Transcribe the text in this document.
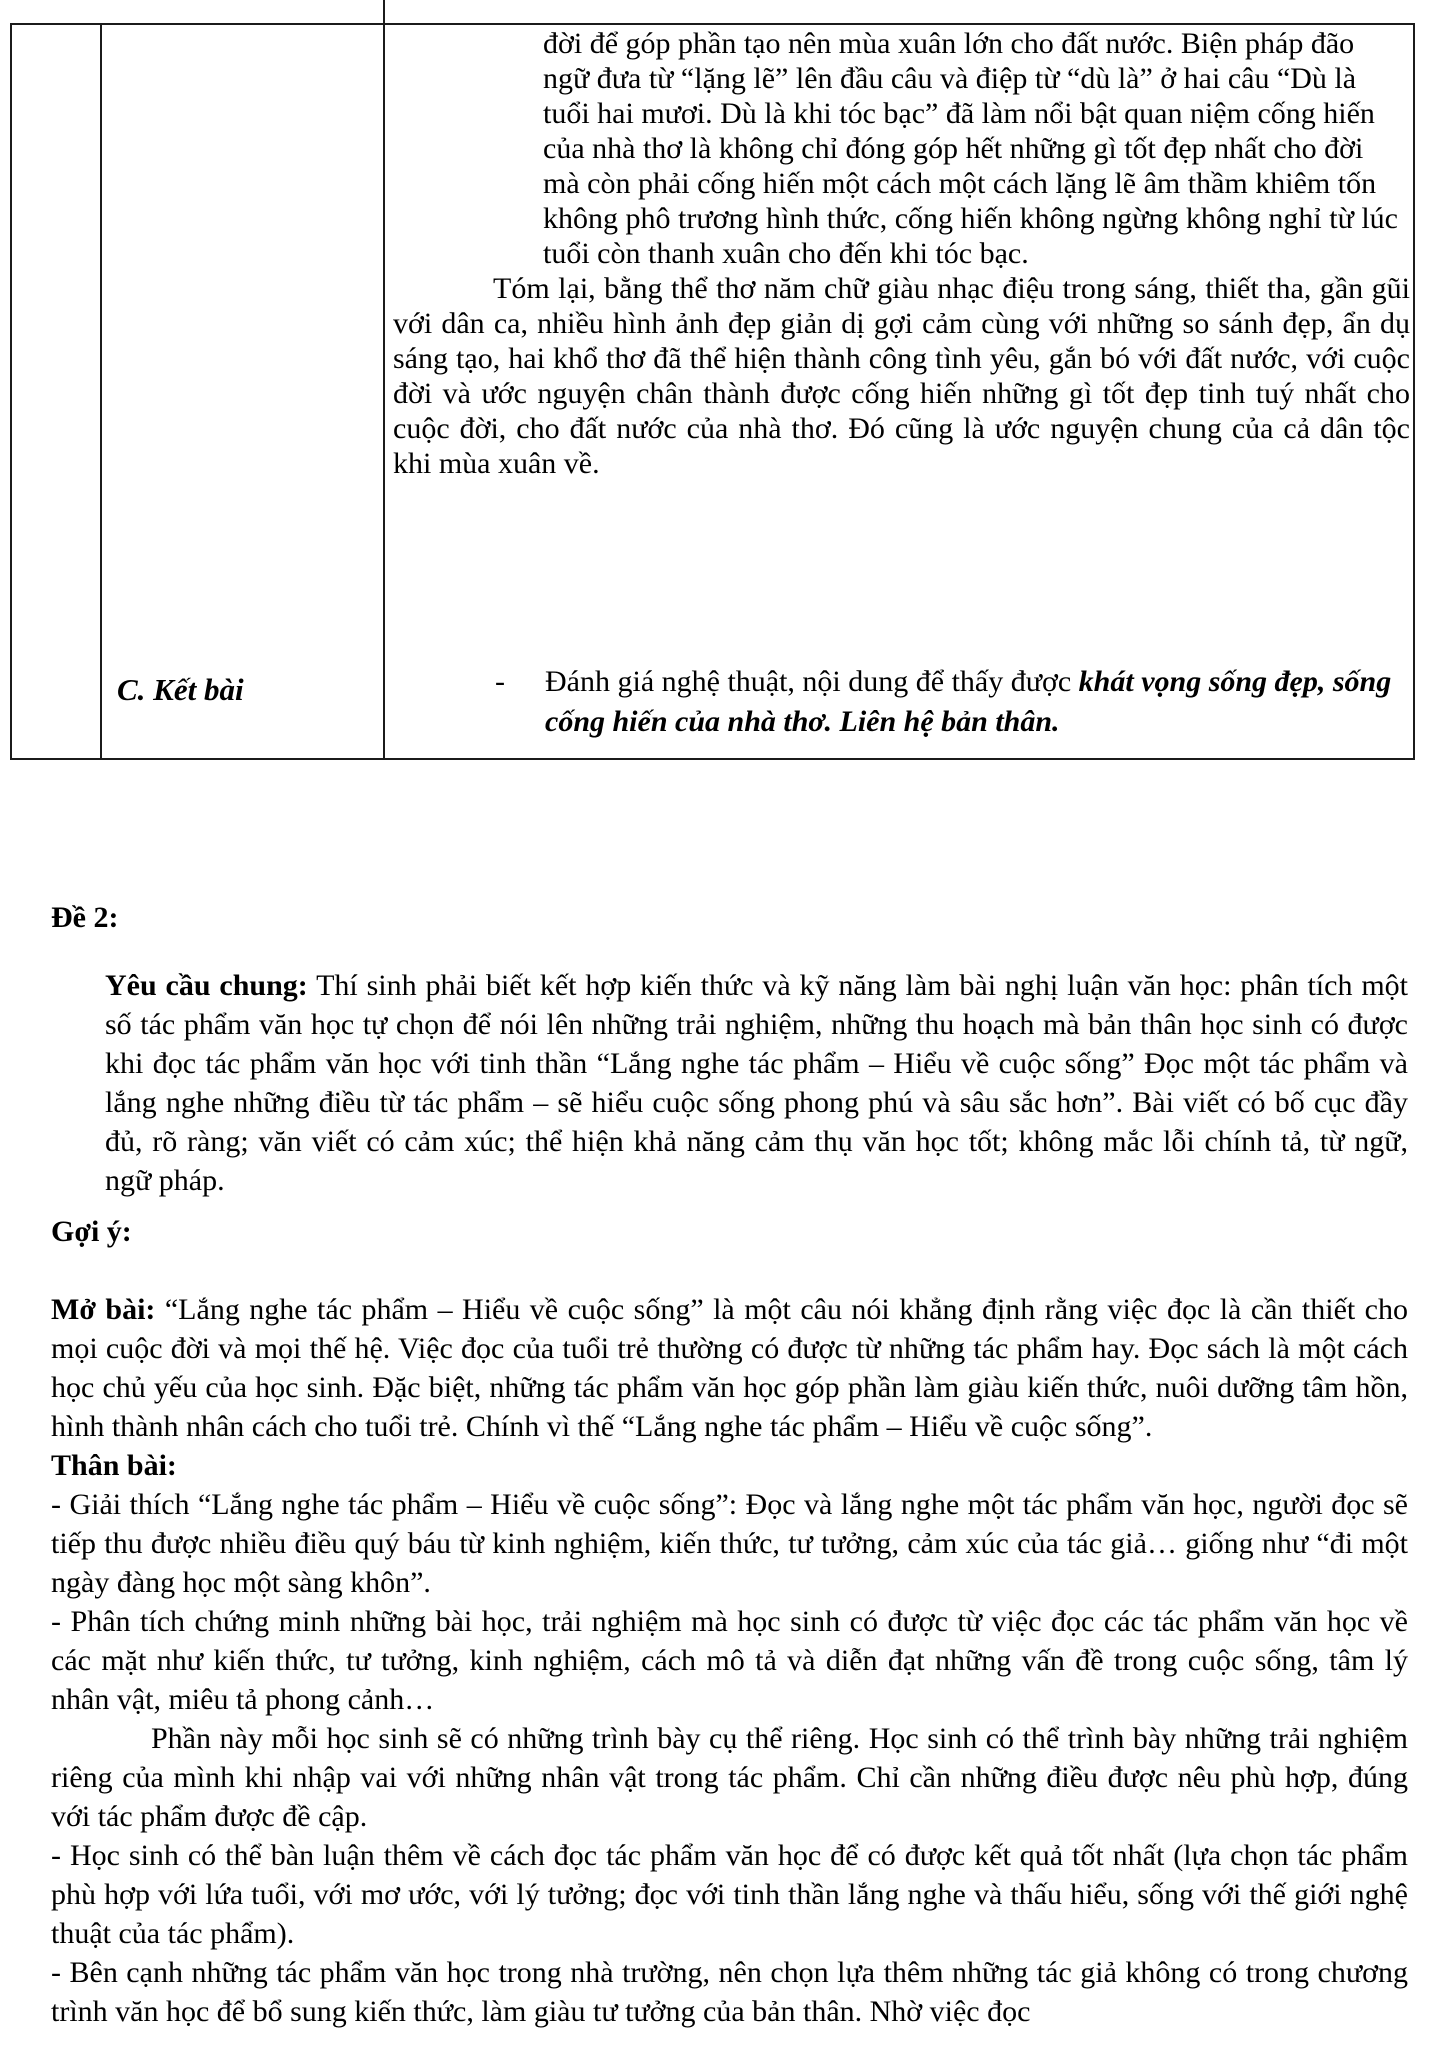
đời để góp phần tạo nên mùa xuân lớn cho đất nước. Biện pháp đão ngữ đưa từ “lặng lẽ” lên đầu câu và điệp từ “dù là” ở hai câu “Dù là tuổi hai mươi. Dù là khi tóc bạc” đã làm nổi bật quan niệm cống hiến của nhà thơ là không chỉ đóng góp hết những gì tốt đẹp nhất cho đời mà còn phải cống hiến một cách một cách lặng lẽ âm thầm khiêm tốn không phô trương hình thức, cống hiến không ngừng không nghỉ từ lúc tuổi còn thanh xuân cho đến khi tóc bạc.

Tóm lại, bằng thể thơ năm chữ giàu nhạc điệu trong sáng, thiết tha, gần gũi với dân ca, nhiều hình ảnh đẹp giản dị gợi cảm cùng với những so sánh đẹp, ẩn dụ sáng tạo, hai khổ thơ đã thể hiện thành công tình yêu, gắn bó với đất nước, với cuộc đời và ước nguyện chân thành được cống hiến những gì tốt đẹp tinh tuý nhất cho cuộc đời, cho đất nước của nhà thơ. Đó cũng là ước nguyện chung của cả dân tộc khi mùa xuân về.

C. Kết bài	-	Đánh giá nghệ thuật, nội dung để thấy được khát vọng sống đẹp, sống cống hiến của nhà thơ. Liên hệ bản thân.
Đề 2:

Yêu cầu chung: Thí sinh phải biết kết hợp kiến thức và kỹ năng làm bài nghị luận văn học: phân tích một số tác phẩm văn học tự chọn để nói lên những trải nghiệm, những thu hoạch mà bản thân học sinh có được khi đọc tác phẩm văn học với tinh thần “Lắng nghe tác phẩm – Hiểu về cuộc sống” Đọc một tác phẩm và lắng nghe những điều từ tác phẩm – sẽ hiểu cuộc sống phong phú và sâu sắc hơn”. Bài viết có bố cục đầy đủ, rõ ràng; văn viết có cảm xúc; thể hiện khả năng cảm thụ văn học tốt; không mắc lỗi chính tả, từ ngữ, ngữ pháp.

Gợi ý:

Mở bài: “Lắng nghe tác phẩm – Hiểu về cuộc sống” là một câu nói khẳng định rằng việc đọc là cần thiết cho mọi cuộc đời và mọi thế hệ. Việc đọc của tuổi trẻ thường có được từ những tác phẩm hay. Đọc sách là một cách học chủ yếu của học sinh. Đặc biệt, những tác phẩm văn học góp phần làm giàu kiến thức, nuôi dưỡng tâm hồn, hình thành nhân cách cho tuổi trẻ. Chính vì thế “Lắng nghe tác phẩm – Hiểu về cuộc sống”.

Thân bài:

- Giải thích “Lắng nghe tác phẩm – Hiểu về cuộc sống”: Đọc và lắng nghe một tác phẩm văn học, người đọc sẽ tiếp thu được nhiều điều quý báu từ kinh nghiệm, kiến thức, tư tưởng, cảm xúc của tác giả… giống như “đi một ngày đàng học một sàng khôn”.

- Phân tích chứng minh những bài học, trải nghiệm mà học sinh có được từ việc đọc các tác phẩm văn học về các mặt như kiến thức, tư tưởng, kinh nghiệm, cách mô tả và diễn đạt những vấn đề trong cuộc sống, tâm lý nhân vật, miêu tả phong cảnh…

Phần này mỗi học sinh sẽ có những trình bày cụ thể riêng. Học sinh có thể trình bày những trải nghiệm riêng của mình khi nhập vai với những nhân vật trong tác phẩm. Chỉ cần những điều được nêu phù hợp, đúng với tác phẩm được đề cập.

- Học sinh có thể bàn luận thêm về cách đọc tác phẩm văn học để có được kết quả tốt nhất (lựa chọn tác phẩm phù hợp với lứa tuổi, với mơ ước, với lý tưởng; đọc với tinh thần lắng nghe và thấu hiểu, sống với thế giới nghệ thuật của tác phẩm).

- Bên cạnh những tác phẩm văn học trong nhà trường, nên chọn lựa thêm những tác giả không có trong chương trình văn học để bổ sung kiến thức, làm giàu tư tưởng của bản thân. Nhờ việc đọc
